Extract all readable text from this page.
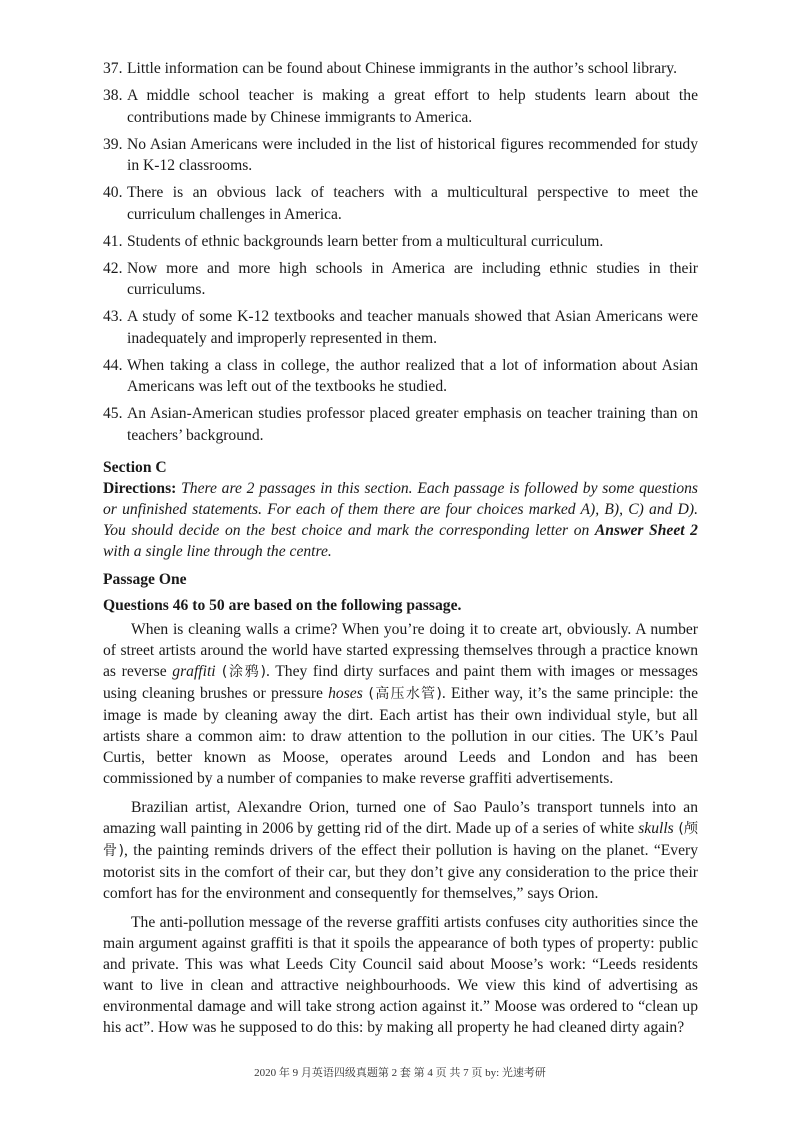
37. Little information can be found about Chinese immigrants in the author’s school library.
38. A middle school teacher is making a great effort to help students learn about the contributions made by Chinese immigrants to America.
39. No Asian Americans were included in the list of historical figures recommended for study in K-12 classrooms.
40. There is an obvious lack of teachers with a multicultural perspective to meet the curriculum challenges in America.
41. Students of ethnic backgrounds learn better from a multicultural curriculum.
42. Now more and more high schools in America are including ethnic studies in their curriculums.
43. A study of some K-12 textbooks and teacher manuals showed that Asian Americans were inadequately and improperly represented in them.
44. When taking a class in college, the author realized that a lot of information about Asian Americans was left out of the textbooks he studied.
45. An Asian-American studies professor placed greater emphasis on teacher training than on teachers’ background.
Section C
Directions: There are 2 passages in this section. Each passage is followed by some questions or unfinished statements. For each of them there are four choices marked A), B), C) and D). You should decide on the best choice and mark the corresponding letter on Answer Sheet 2 with a single line through the centre.
Passage One
Questions 46 to 50 are based on the following passage.

When is cleaning walls a crime? When you’re doing it to create art, obviously. A number of street artists around the world have started expressing themselves through a practice known as reverse graffiti (涂鸦). They find dirty surfaces and paint them with images or messages using cleaning brushes or pressure hoses (高压水管). Either way, it’s the same principle: the image is made by cleaning away the dirt. Each artist has their own individual style, but all artists share a common aim: to draw attention to the pollution in our cities. The UK’s Paul Curtis, better known as Moose, operates around Leeds and London and has been commissioned by a number of companies to make reverse graffiti advertisements.

Brazilian artist, Alexandre Orion, turned one of Sao Paulo’s transport tunnels into an amazing wall painting in 2006 by getting rid of the dirt. Made up of a series of white skulls (颅骨), the painting reminds drivers of the effect their pollution is having on the planet. “Every motorist sits in the comfort of their car, but they don’t give any consideration to the price their comfort has for the environment and consequently for themselves,” says Orion.

The anti-pollution message of the reverse graffiti artists confuses city authorities since the main argument against graffiti is that it spoils the appearance of both types of property: public and private. This was what Leeds City Council said about Moose’s work: “Leeds residents want to live in clean and attractive neighbourhoods. We view this kind of advertising as environmental damage and will take strong action against it.” Moose was ordered to “clean up his act”. How was he supposed to do this: by making all property he had cleaned dirty again?

2020 年 9 月英语四级真题第 2 套 第 4 页 共 7 页 by: 光速考研
